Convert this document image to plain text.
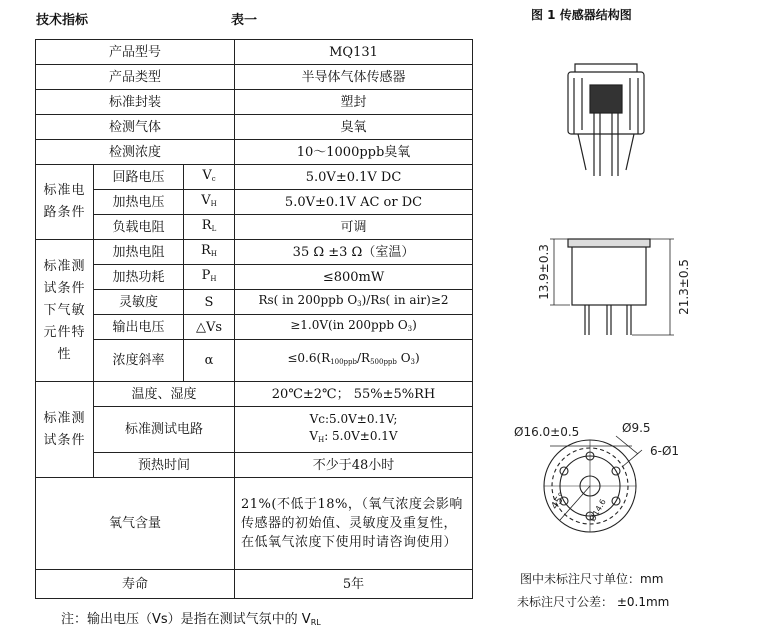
技术指标	表一	图 1 传感器结构图
产品型号			MQ131
产品类型			半导体气体传感器
标准封装			塑封
检测气体			臭氧
检测浓度			10～1000ppb臭氧
标准电路条件	回路电压	$V_c$	5.0V±0.1V DC
	加热电压	$V_H$	5.0V±0.1V AC or DC
	负载电阻	$R_L$	可调
标准测试条件下气敏元件特性	加热电阻	$R_H$	35 Ω ±3 Ω（室温）
	加热功耗	$P_H$	≤800mW
	灵敏度	S	Rs( in 200ppb $O_3)/Rs$( in air)≥2
	输出电压	△Vs	≥1.0V(in 200ppb $O_3$)
	浓度斜率	α	$\le 0.6(R_{100ppb}/R_{500ppb}$ $O_3$)
标准测试条件	温度、湿度		20℃±2℃； 55%±5%RH
	标准测试电路		Vc:5.0V±0.1V;
$V_H$: 5.0V±0.1V

	预热时间		不少于48小时
氧气含量			21%(不低于18%，（氧气浓度会影响传感器的初始值、灵敏度及重复性，在低氧气浓度下使用时请咨询使用）
寿命			5年
注：输出电压（Vs）是指在测试气氛中的 $V_{RL}$
13.9±0.3	21.3±0.5
Ø16.0±0.5	Ø9.5
6-Ø1
45° Ø14.6
图中未标注尺寸单位：mm
未标注尺寸公差： ±0.1mm
